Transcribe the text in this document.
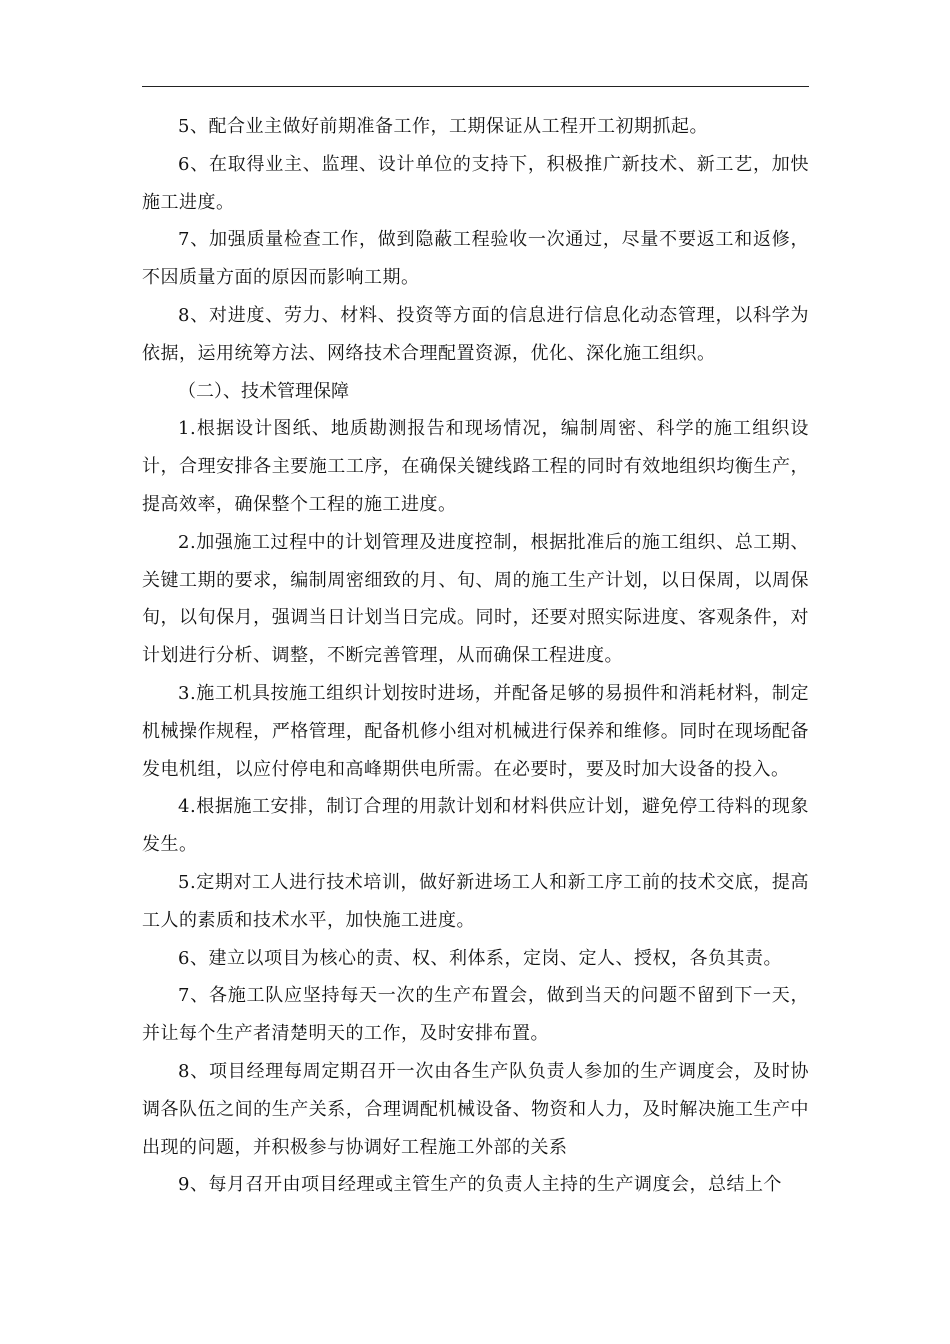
5、配合业主做好前期准备工作，工期保证从工程开工初期抓起。

6、在取得业主、监理、设计单位的支持下，积极推广新技术、新工艺，加快施工进度。

7、加强质量检查工作，做到隐蔽工程验收一次通过，尽量不要返工和返修，不因质量方面的原因而影响工期。

8、对进度、劳力、材料、投资等方面的信息进行信息化动态管理，以科学为依据，运用统筹方法、网络技术合理配置资源，优化、深化施工组织。

（二）、技术管理保障

1.根据设计图纸、地质勘测报告和现场情况，编制周密、科学的施工组织设计，合理安排各主要施工工序，在确保关键线路工程的同时有效地组织均衡生产，提高效率，确保整个工程的施工进度。

2.加强施工过程中的计划管理及进度控制，根据批准后的施工组织、总工期、关键工期的要求，编制周密细致的月、旬、周的施工生产计划，以日保周，以周保旬，以旬保月，强调当日计划当日完成。同时，还要对照实际进度、客观条件，对计划进行分析、调整，不断完善管理，从而确保工程进度。

3.施工机具按施工组织计划按时进场，并配备足够的易损件和消耗材料，制定机械操作规程，严格管理，配备机修小组对机械进行保养和维修。同时在现场配备发电机组，以应付停电和高峰期供电所需。在必要时，要及时加大设备的投入。

4.根据施工安排，制订合理的用款计划和材料供应计划，避免停工待料的现象发生。

5.定期对工人进行技术培训，做好新进场工人和新工序工前的技术交底，提高工人的素质和技术水平，加快施工进度。

6、建立以项目为核心的责、权、利体系，定岗、定人、授权，各负其责。

7、各施工队应坚持每天一次的生产布置会，做到当天的问题不留到下一天，并让每个生产者清楚明天的工作，及时安排布置。

8、项目经理每周定期召开一次由各生产队负责人参加的生产调度会，及时协调各队伍之间的生产关系，合理调配机械设备、物资和人力，及时解决施工生产中出现的问题，并积极参与协调好工程施工外部的关系

9、每月召开由项目经理或主管生产的负责人主持的生产调度会，总结上个
